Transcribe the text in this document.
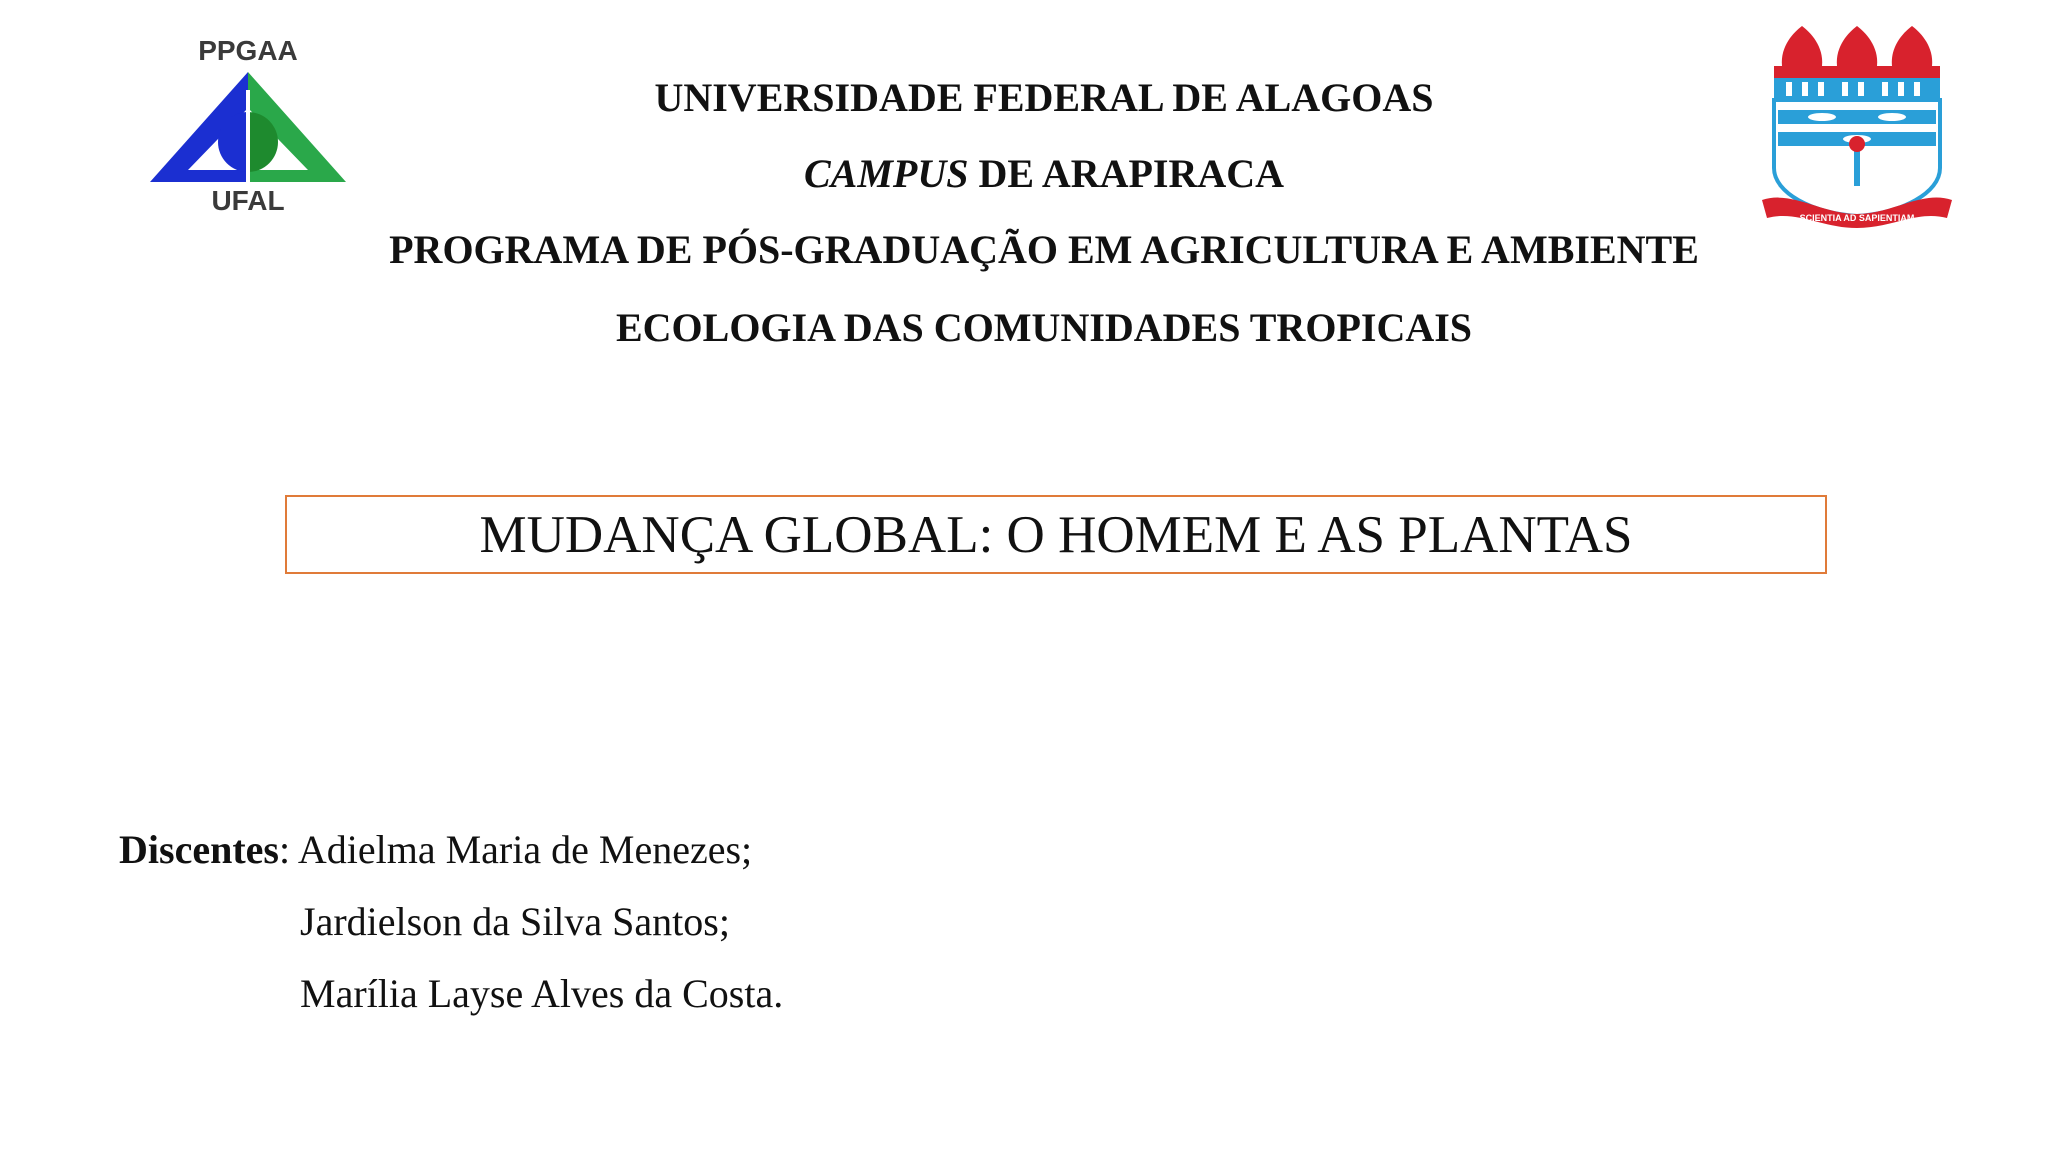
PPGAA
UFAL
UNIVERSIDADE FEDERAL DE ALAGOAS
CAMPUS DE ARAPIRACA
PROGRAMA DE PÓS-GRADUAÇÃO EM AGRICULTURA E AMBIENTE
ECOLOGIA DAS COMUNIDADES TROPICAIS
SCIENTIA AD SAPIENTIAM
MUDANÇA GLOBAL: O HOMEM E AS PLANTAS
Discentes: Adielma Maria de Menezes;
Jardielson da Silva Santos;
Marília Layse Alves da Costa.
